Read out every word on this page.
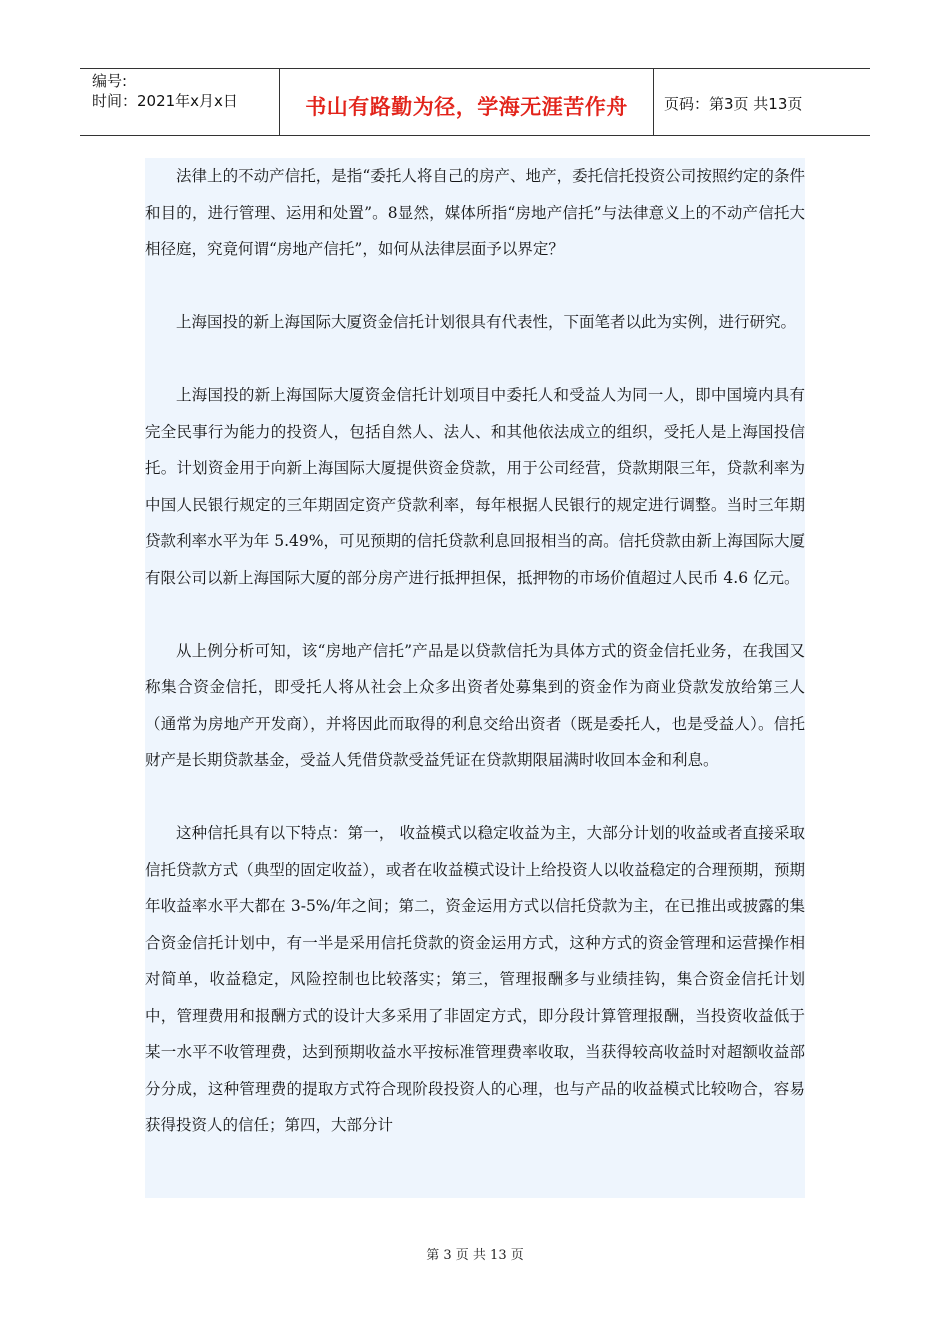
编号:
时间：2021年x月x日	书山有路勤为径，学海无涯苦作舟	页码：第3页 共13页

法律上的不动产信托，是指“委托人将自己的房产、地产，委托信托投资公司按照约定的条件和目的，进行管理、运用和处置”。8显然，媒体所指“房地产信托”与法律意义上的不动产信托大相径庭，究竟何谓“房地产信托”，如何从法律层面予以界定？

上海国投的新上海国际大厦资金信托计划很具有代表性，下面笔者以此为实例，进行研究。

上海国投的新上海国际大厦资金信托计划项目中委托人和受益人为同一人，即中国境内具有完全民事行为能力的投资人，包括自然人、法人、和其他依法成立的组织，受托人是上海国投信托。计划资金用于向新上海国际大厦提供资金贷款，用于公司经营，贷款期限三年，贷款利率为中国人民银行规定的三年期固定资产贷款利率，每年根据人民银行的规定进行调整。当时三年期贷款利率水平为年 5.49%，可见预期的信托贷款利息回报相当的高。信托贷款由新上海国际大厦有限公司以新上海国际大厦的部分房产进行抵押担保，抵押物的市场价值超过人民币 4.6 亿元。

从上例分析可知，该“房地产信托”产品是以贷款信托为具体方式的资金信托业务，在我国又称集合资金信托，即受托人将从社会上众多出资者处募集到的资金作为商业贷款发放给第三人（通常为房地产开发商），并将因此而取得的利息交给出资者（既是委托人，也是受益人）。信托财产是长期贷款基金，受益人凭借贷款受益凭证在贷款期限届满时收回本金和利息。

这种信托具有以下特点：第一， 收益模式以稳定收益为主，大部分计划的收益或者直接采取信托贷款方式（典型的固定收益），或者在收益模式设计上给投资人以收益稳定的合理预期，预期年收益率水平大都在 3-5%/年之间；第二，资金运用方式以信托贷款为主，在已推出或披露的集合资金信托计划中，有一半是采用信托贷款的资金运用方式，这种方式的资金管理和运营操作相对简单，收益稳定，风险控制也比较落实；第三，管理报酬多与业绩挂钩，集合资金信托计划中，管理费用和报酬方式的设计大多采用了非固定方式，即分段计算管理报酬，当投资收益低于某一水平不收管理费，达到预期收益水平按标准管理费率收取，当获得较高收益时对超额收益部分分成，这种管理费的提取方式符合现阶段投资人的心理，也与产品的收益模式比较吻合，容易获得投资人的信任；第四，大部分计

第 3 页 共 13 页
